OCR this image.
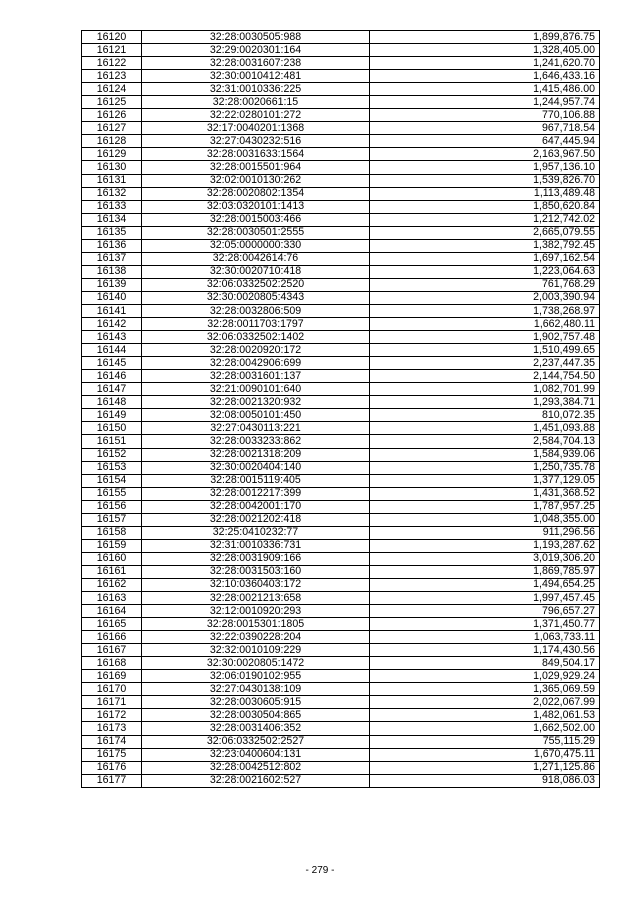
16120	32:28:0030505:988	1,899,876.75
16121	32:29:0020301:164	1,328,405.00
16122	32:28:0031607:238	1,241,620.70
16123	32:30:0010412:481	1,646,433.16
16124	32:31:0010336:225	1,415,486.00
16125	32:28:0020661:15	1,244,957.74
16126	32:22:0280101:272	770,106.88
16127	32:17:0040201:1368	967,718.54
16128	32:27:0430232:516	647,445.94
16129	32:28:0031633:1564	2,163,967.50
16130	32:28:0015501:964	1,957,136.10
16131	32:02:0010130:262	1,539,826.70
16132	32:28:0020802:1354	1,113,489.48
16133	32:03:0320101:1413	1,850,620.84
16134	32:28:0015003:466	1,212,742.02
16135	32:28:0030501:2555	2,665,079.55
16136	32:05:0000000:330	1,382,792.45
16137	32:28:0042614:76	1,697,162.54
16138	32:30:0020710:418	1,223,064.63
16139	32:06:0332502:2520	761,768.29
16140	32:30:0020805:4343	2,003,390.94
16141	32:28:0032806:509	1,738,268.97
16142	32:28:0011703:1797	1,662,480.11
16143	32:06:0332502:1402	1,902,757.48
16144	32:28:0020920:172	1,510,499.65
16145	32:28:0042906:699	2,237,447.35
16146	32:28:0031601:137	2,144,754.50
16147	32:21:0090101:640	1,082,701.99
16148	32:28:0021320:932	1,293,384.71
16149	32:08:0050101:450	810,072.35
16150	32:27:0430113:221	1,451,093.88
16151	32:28:0033233:862	2,584,704.13
16152	32:28:0021318:209	1,584,939.06
16153	32:30:0020404:140	1,250,735.78
16154	32:28:0015119:405	1,377,129.05
16155	32:28:0012217:399	1,431,368.52
16156	32:28:0042001:170	1,787,957.25
16157	32:28:0021202:418	1,048,355.00
16158	32:25:0410232:77	911,296.56
16159	32:31:0010336:731	1,193,287.62
16160	32:28:0031909:166	3,019,306.20
16161	32:28:0031503:160	1,869,785.97
16162	32:10:0360403:172	1,494,654.25
16163	32:28:0021213:658	1,997,457.45
16164	32:12:0010920:293	796,657.27
16165	32:28:0015301:1805	1,371,450.77
16166	32:22:0390228:204	1,063,733.11
16167	32:32:0010109:229	1,174,430.56
16168	32:30:0020805:1472	849,504.17
16169	32:06:0190102:955	1,029,929.24
16170	32:27:0430138:109	1,365,069.59
16171	32:28:0030605:915	2,022,067.99
16172	32:28:0030504:865	1,482,061.53
16173	32:28:0031406:352	1,662,502.00
16174	32:06:0332502:2527	755,115.29
16175	32:23:0400604:131	1,670,475.11
16176	32:28:0042512:802	1,271,125.86
16177	32:28:0021602:527	918,086.03
- 279 -
